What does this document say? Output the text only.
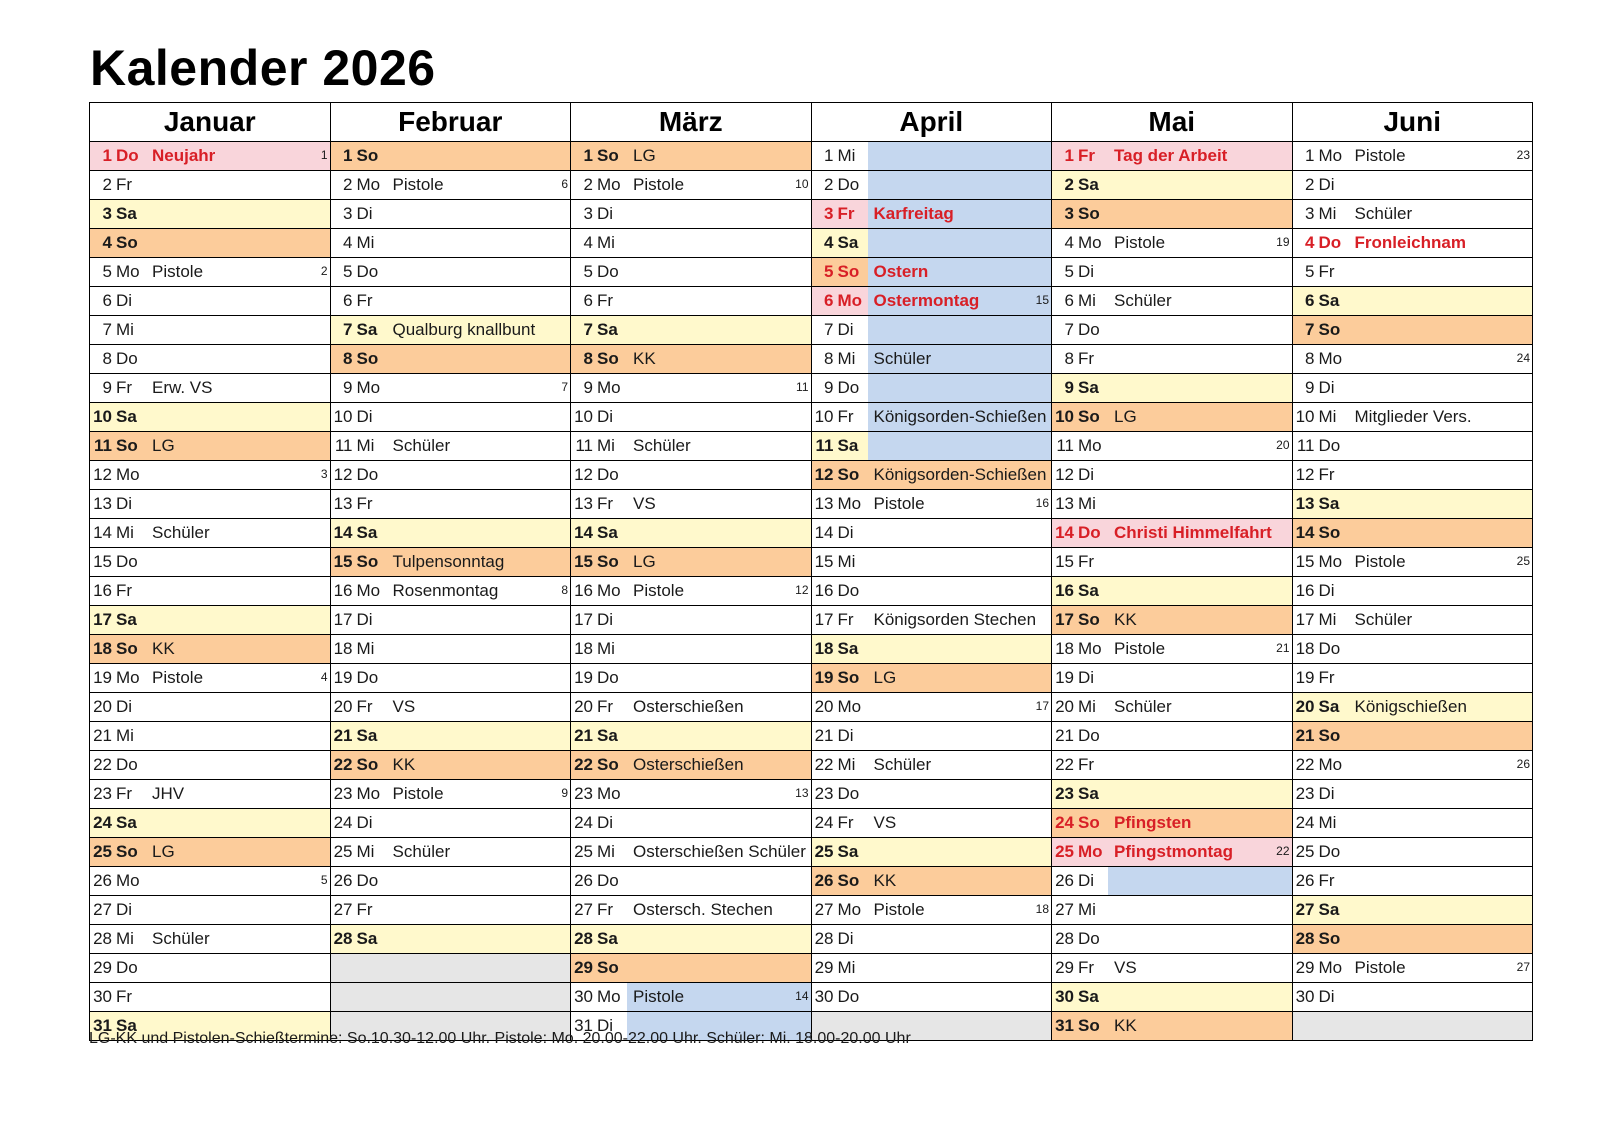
Kalender 2026
Januar	Februar	März	April	Mai	Juni

1 Do Neujahr 1	1 So	1 So LG	1 Mi	1 Fr Tag der Arbeit	1 Mo Pistole 23

2 Fr	2 Mo Pistole 6	2 Mo Pistole 10	2 Do	2 Sa	2 Di

3 Sa	3 Di	3 Di	3 Fr Karfreitag	3 So	3 Mi Schüler

4 So	4 Mi	4 Mi	4 Sa	4 Mo Pistole 19	4 Do Fronleichnam

5 Mo Pistole 2	5 Do	5 Do	5 So Ostern	5 Di	5 Fr

6 Di	6 Fr	6 Fr	6 Mo Ostermontag 15	6 Mi Schüler	6 Sa

7 Mi	7 Sa Qualburg knallbunt	7 Sa	7 Di	7 Do	7 So

8 Do	8 So	8 So KK	8 Mi Schüler	8 Fr	8 Mo 24

9 Fr Erw. VS	9 Mo 7	9 Mo 11	9 Do	9 Sa	9 Di

10 Sa	10 Di	10 Di	10 Fr Königsorden-Schießen	10 So LG	10 Mi Mitglieder Vers.

11 So LG	11 Mi Schüler	11 Mi Schüler	11 Sa	11 Mo 20	11 Do

12 Mo 3	12 Do	12 Do	12 So Königsorden-Schießen	12 Di	12 Fr

13 Di	13 Fr	13 Fr VS	13 Mo Pistole 16	13 Mi	13 Sa

14 Mi Schüler	14 Sa	14 Sa	14 Di	14 Do Christi Himmelfahrt	14 So

15 Do	15 So Tulpensonntag	15 So LG	15 Mi	15 Fr	15 Mo Pistole 25

16 Fr	16 Mo Rosenmontag 8	16 Mo Pistole 12	16 Do	16 Sa	16 Di

17 Sa	17 Di	17 Di	17 Fr Königsorden Stechen	17 So KK	17 Mi Schüler

18 So KK	18 Mi	18 Mi	18 Sa	18 Mo Pistole 21	18 Do

19 Mo Pistole 4	19 Do	19 Do	19 So LG	19 Di	19 Fr

20 Di	20 Fr VS	20 Fr Osterschießen	20 Mo 17	20 Mi Schüler	20 Sa Königschießen

21 Mi	21 Sa	21 Sa	21 Di	21 Do	21 So

22 Do	22 So KK	22 So Osterschießen	22 Mi Schüler	22 Fr	22 Mo 26

23 Fr JHV	23 Mo Pistole 9	23 Mo 13	23 Do	23 Sa	23 Di

24 Sa	24 Di	24 Di	24 Fr VS	24 So Pfingsten	24 Mi

25 So LG	25 Mi Schüler	25 Mi Osterschießen Schüler	25 Sa	25 Mo Pfingstmontag 22	25 Do

26 Mo 5	26 Do	26 Do	26 So KK	26 Di	26 Fr

27 Di	27 Fr	27 Fr Ostersch. Stechen	27 Mo Pistole 18	27 Mi	27 Sa

28 Mi Schüler	28 Sa	28 Sa	28 Di	28 Do	28 So

29 Do		29 So	29 Mi	29 Fr VS	29 Mo Pistole 27

30 Fr		30 Mo Pistole 14	30 Do	30 Sa	30 Di

31 Sa		31 Di		31 So KK	

LG-KK und Pistolen-Schießtermine: So.10.30-12.00 Uhr. Pistole: Mo. 20.00-22.00 Uhr. Schüler: Mi. 18.00-20.00 Uhr
